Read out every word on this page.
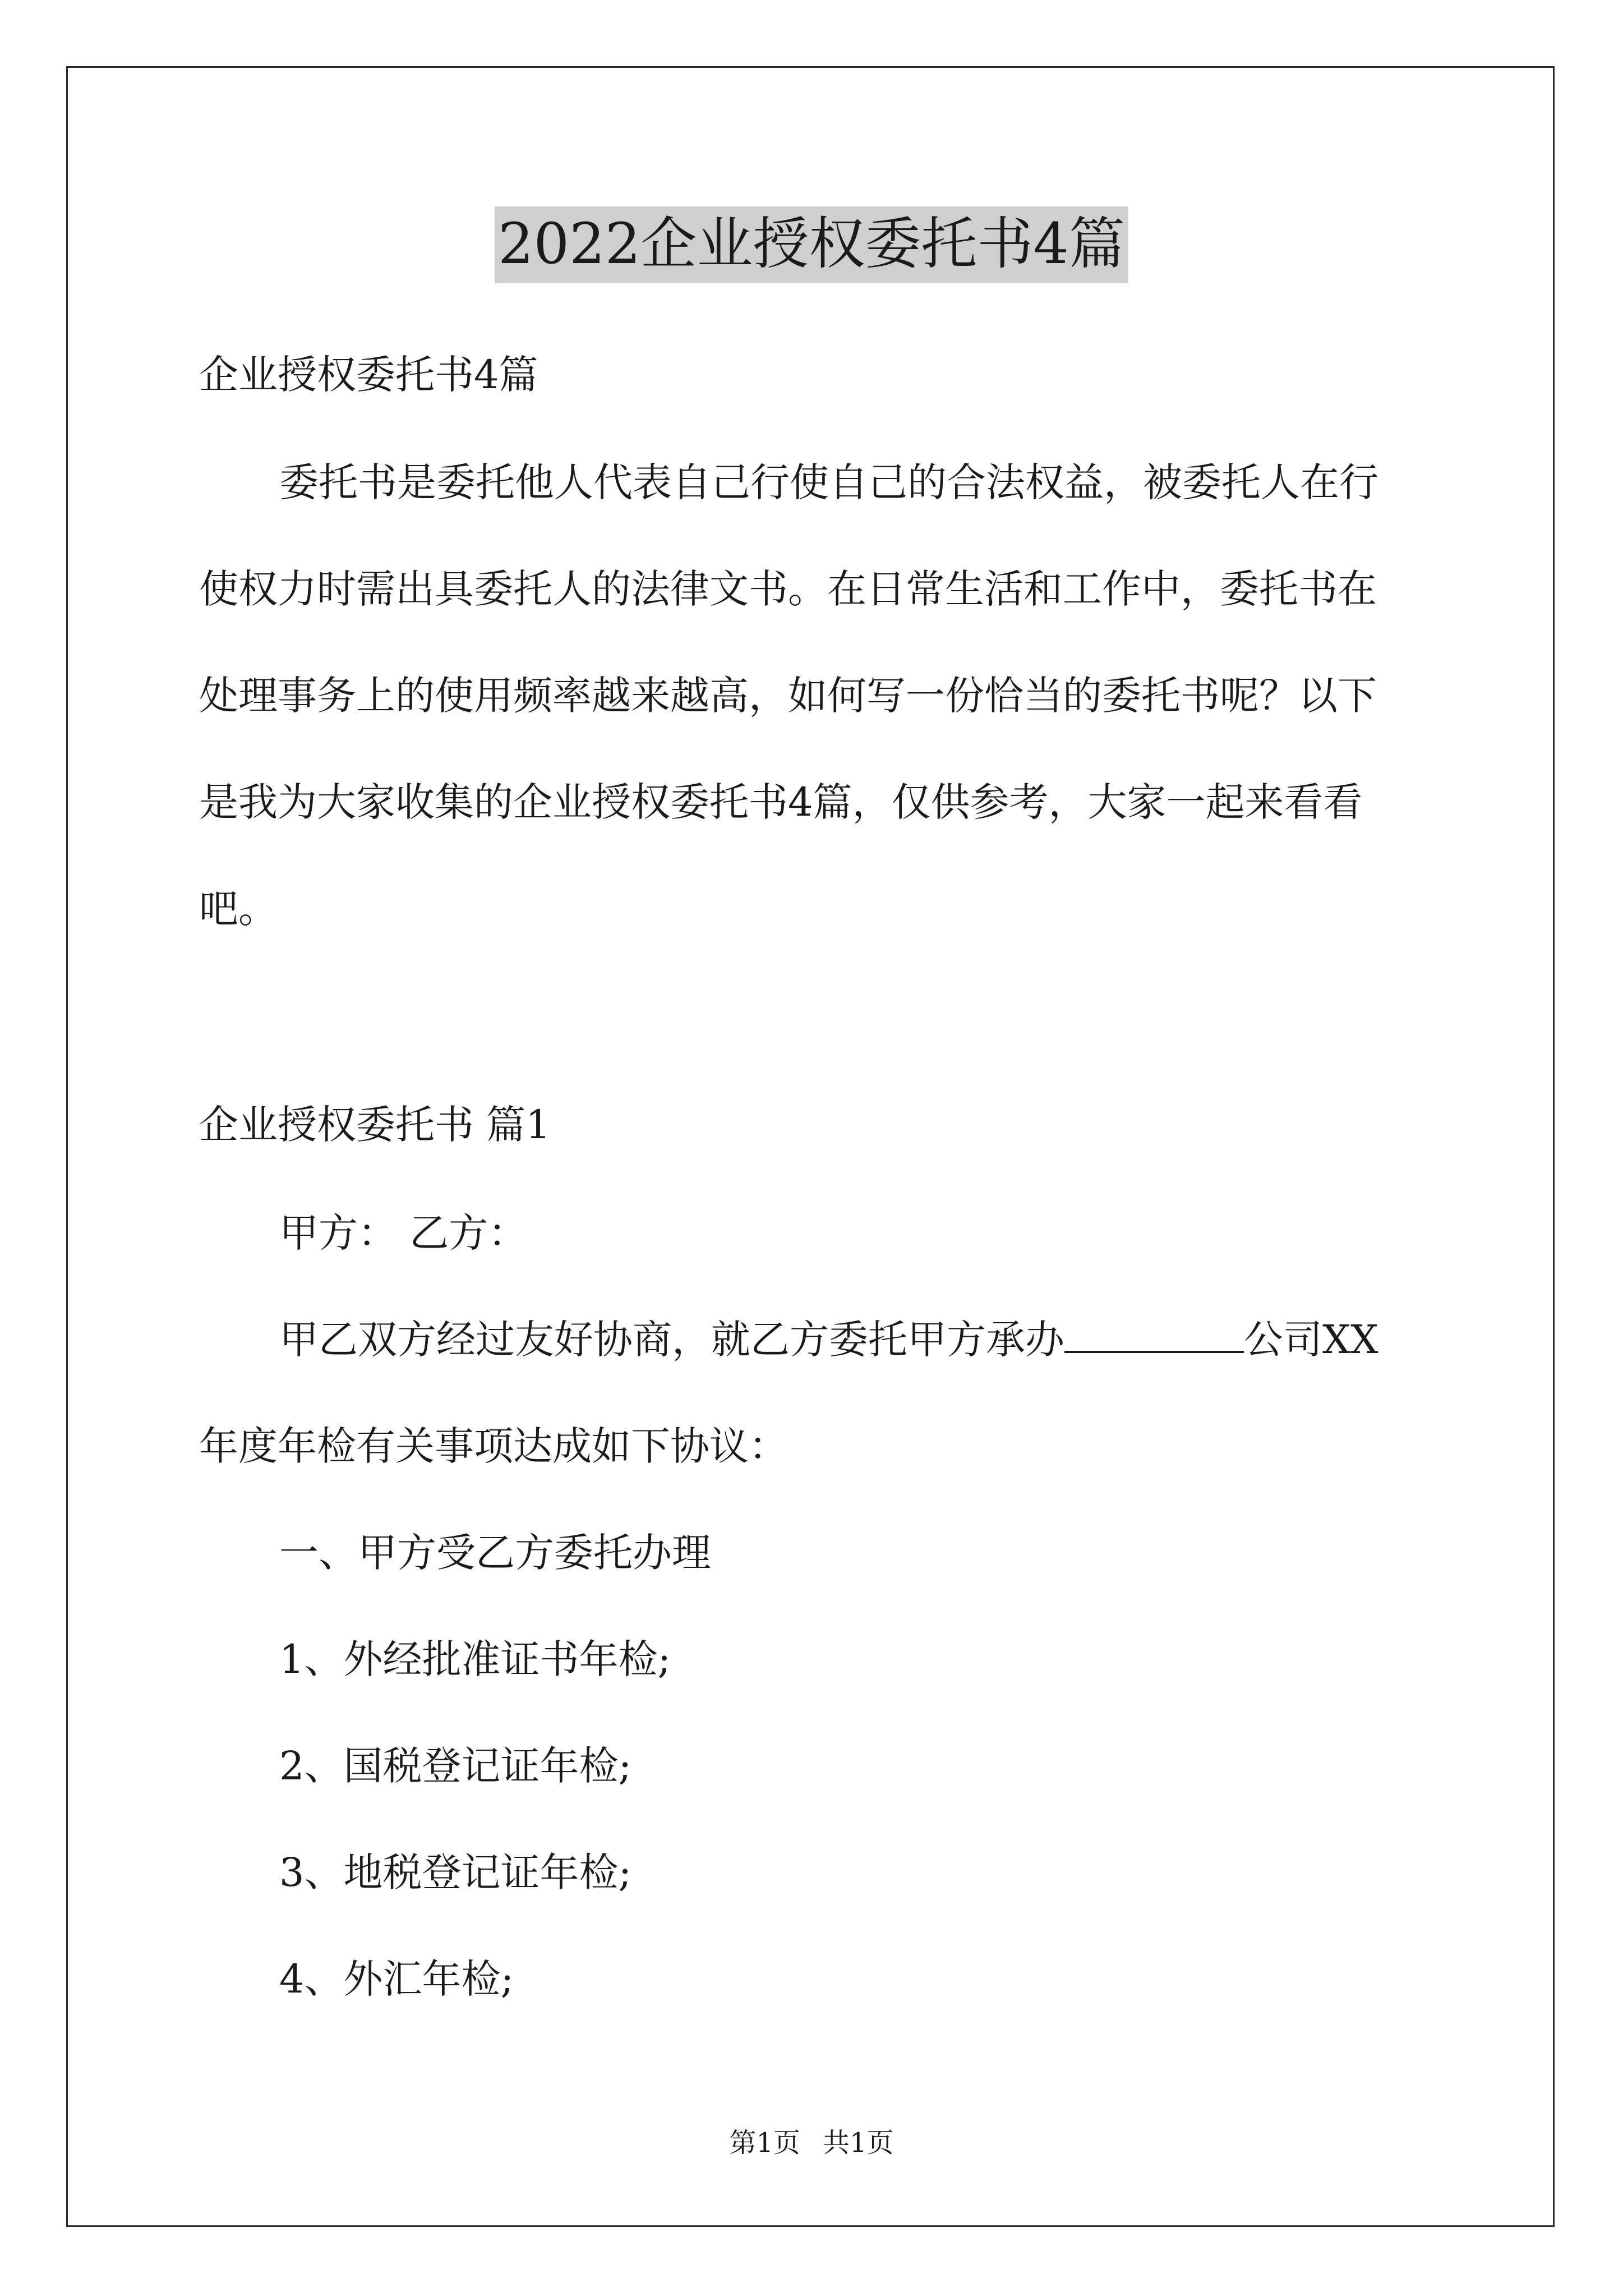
2022企业授权委托书4篇
企业授权委托书4篇
委托书是委托他人代表自己行使自己的合法权益，被委托人在行
使权力时需出具委托人的法律文书。在日常生活和工作中，委托书在
处理事务上的使用频率越来越高，如何写一份恰当的委托书呢？以下
是我为大家收集的企业授权委托书4篇，仅供参考，大家一起来看看
吧。
企业授权委托书 篇1
甲方： 乙方：
甲乙双方经过友好协商，就乙方委托甲方承办	公司XX
年度年检有关事项达成如下协议：
一、甲方受乙方委托办理
1、外经批准证书年检;
2、国税登记证年检;
3、地税登记证年检;
4、外汇年检;
第1页 共1页
